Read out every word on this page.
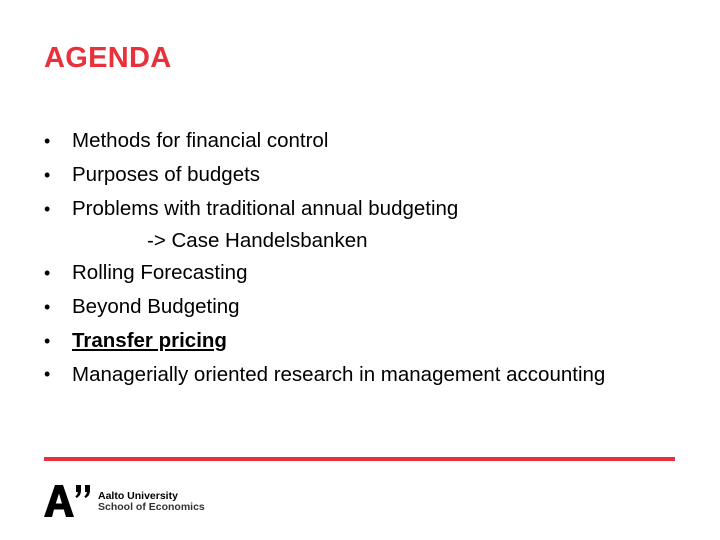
AGENDA
•	Methods for financial control
•	Purposes of budgets
•	Problems with traditional annual budgeting
-> Case Handelsbanken
•	Rolling Forecasting
•	Beyond Budgeting
•	Transfer pricing
•	Managerially oriented research in management accounting
Aalto University
School of Economics
